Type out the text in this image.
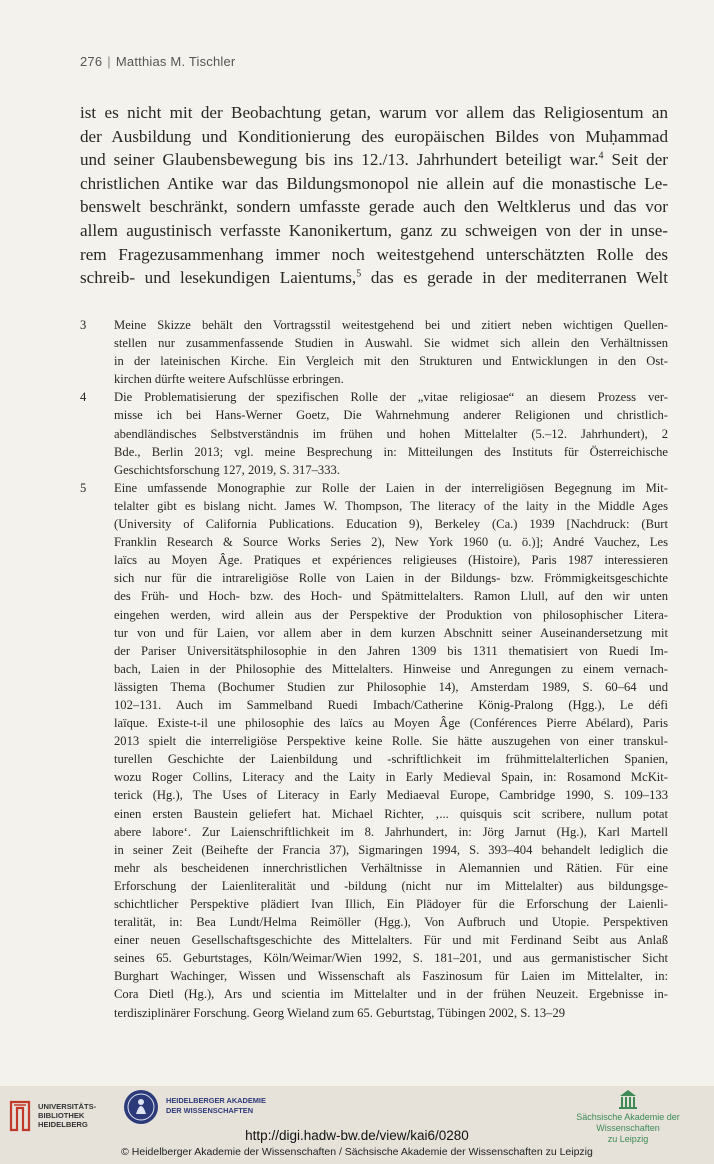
276 | Matthias M. Tischler
ist es nicht mit der Beobachtung getan, warum vor allem das Religiosentum an
der Ausbildung und Konditionierung des europäischen Bildes von Muḥammad
und seiner Glaubensbewegung bis ins 12./13. Jahrhundert beteiligt war.$^4$ Seit der
christlichen Antike war das Bildungsmonopol nie allein auf die monastische Le-
benswelt beschränkt, sondern umfasste gerade auch den Weltklerus und das vor
allem augustinisch verfasste Kanonikertum, ganz zu schweigen von der in unse-
rem Fragezusammenhang immer noch weitestgehend unterschätzten Rolle des
schreib- und lesekundigen Laientums,$^5$ das es gerade in der mediterranen Welt
3 Meine Skizze behält den Vortragsstil weitestgehend bei und zitiert neben wichtigen Quellen-
stellen nur zusammenfassende Studien in Auswahl. Sie widmet sich allein den Verhältnissen
in der lateinischen Kirche. Ein Vergleich mit den Strukturen und Entwicklungen in den Ost-
kirchen dürfte weitere Aufschlüsse erbringen.
4 Die Problematisierung der spezifischen Rolle der „vitae religiosae“ an diesem Prozess ver-
misse ich bei Hans-Werner Goetz, Die Wahrnehmung anderer Religionen und christlich-
abendländisches Selbstverständnis im frühen und hohen Mittelalter (5.–12. Jahrhundert), 2
Bde., Berlin 2013; vgl. meine Besprechung in: Mitteilungen des Instituts für Österreichische
Geschichtsforschung 127, 2019, S. 317–333.
5 Eine umfassende Monographie zur Rolle der Laien in der interreligiösen Begegnung im Mit-
telalter gibt es bislang nicht. James W. Thompson, The literacy of the laity in the Middle Ages
(University of California Publications. Education 9), Berkeley (Ca.) 1939 [Nachdruck: (Burt
Franklin Research & Source Works Series 2), New York 1960 (u. ö.)]; André Vauchez, Les
laïcs au Moyen Âge. Pratiques et expériences religieuses (Histoire), Paris 1987 interessieren
sich nur für die intrareligiöse Rolle von Laien in der Bildungs- bzw. Frömmigkeitsgeschichte
des Früh- und Hoch- bzw. des Hoch- und Spätmittelalters. Ramon Llull, auf den wir unten
eingehen werden, wird allein aus der Perspektive der Produktion von philosophischer Litera-
tur von und für Laien, vor allem aber in dem kurzen Abschnitt seiner Auseinandersetzung mit
der Pariser Universitätsphilosophie in den Jahren 1309 bis 1311 thematisiert von Ruedi Im-
bach, Laien in der Philosophie des Mittelalters. Hinweise und Anregungen zu einem vernach-
lässigten Thema (Bochumer Studien zur Philosophie 14), Amsterdam 1989, S. 60–64 und
102–131. Auch im Sammelband Ruedi Imbach/Catherine König-Pralong (Hgg.), Le défi
laïque. Existe-t-il une philosophie des laïcs au Moyen Âge (Conférences Pierre Abélard), Paris
2013 spielt die interreligiöse Perspektive keine Rolle. Sie hätte auszugehen von einer transkul-
turellen Geschichte der Laienbildung und -schriftlichkeit im frühmittelalterlichen Spanien,
wozu Roger Collins, Literacy and the Laity in Early Medieval Spain, in: Rosamond McKit-
terick (Hg.), The Uses of Literacy in Early Mediaeval Europe, Cambridge 1990, S. 109–133
einen ersten Baustein geliefert hat. Michael Richter, ‚... quisquis scit scribere, nullum potat
abere labore‘. Zur Laienschriftlichkeit im 8. Jahrhundert, in: Jörg Jarnut (Hg.), Karl Martell
in seiner Zeit (Beihefte der Francia 37), Sigmaringen 1994, S. 393–404 behandelt lediglich die
mehr als bescheidenen innerchristlichen Verhältnisse in Alemannien und Rätien. Für eine
Erforschung der Laienliteralität und -bildung (nicht nur im Mittelalter) aus bildungsge-
schichtlicher Perspektive plädiert Ivan Illich, Ein Plädoyer für die Erforschung der Laienli-
teralität, in: Bea Lundt/Helma Reimöller (Hgg.), Von Aufbruch und Utopie. Perspektiven
einer neuen Gesellschaftsgeschichte des Mittelalters. Für und mit Ferdinand Seibt aus Anlaß
seines 65. Geburtstages, Köln/Weimar/Wien 1992, S. 181–201, und aus germanistischer Sicht
Burghart Wachinger, Wissen und Wissenschaft als Faszinosum für Laien im Mittelalter, in:
Cora Dietl (Hg.), Ars und scientia im Mittelalter und in der frühen Neuzeit. Ergebnisse in-
terdisziplinärer Forschung. Georg Wieland zum 65. Geburtstag, Tübingen 2002, S. 13–29
UNIVERSITÄTS-
BIBLIOTHEK
HEIDELBERG
HEIDELBERGER AKADEMIE
DER WISSENSCHAFTEN
Sächsische Akademie der Wissenschaften
zu Leipzig
http://digi.hadw-bw.de/view/kai6/0280
© Heidelberger Akademie der Wissenschaften / Sächsische Akademie der Wissenschaften zu Leipzig
